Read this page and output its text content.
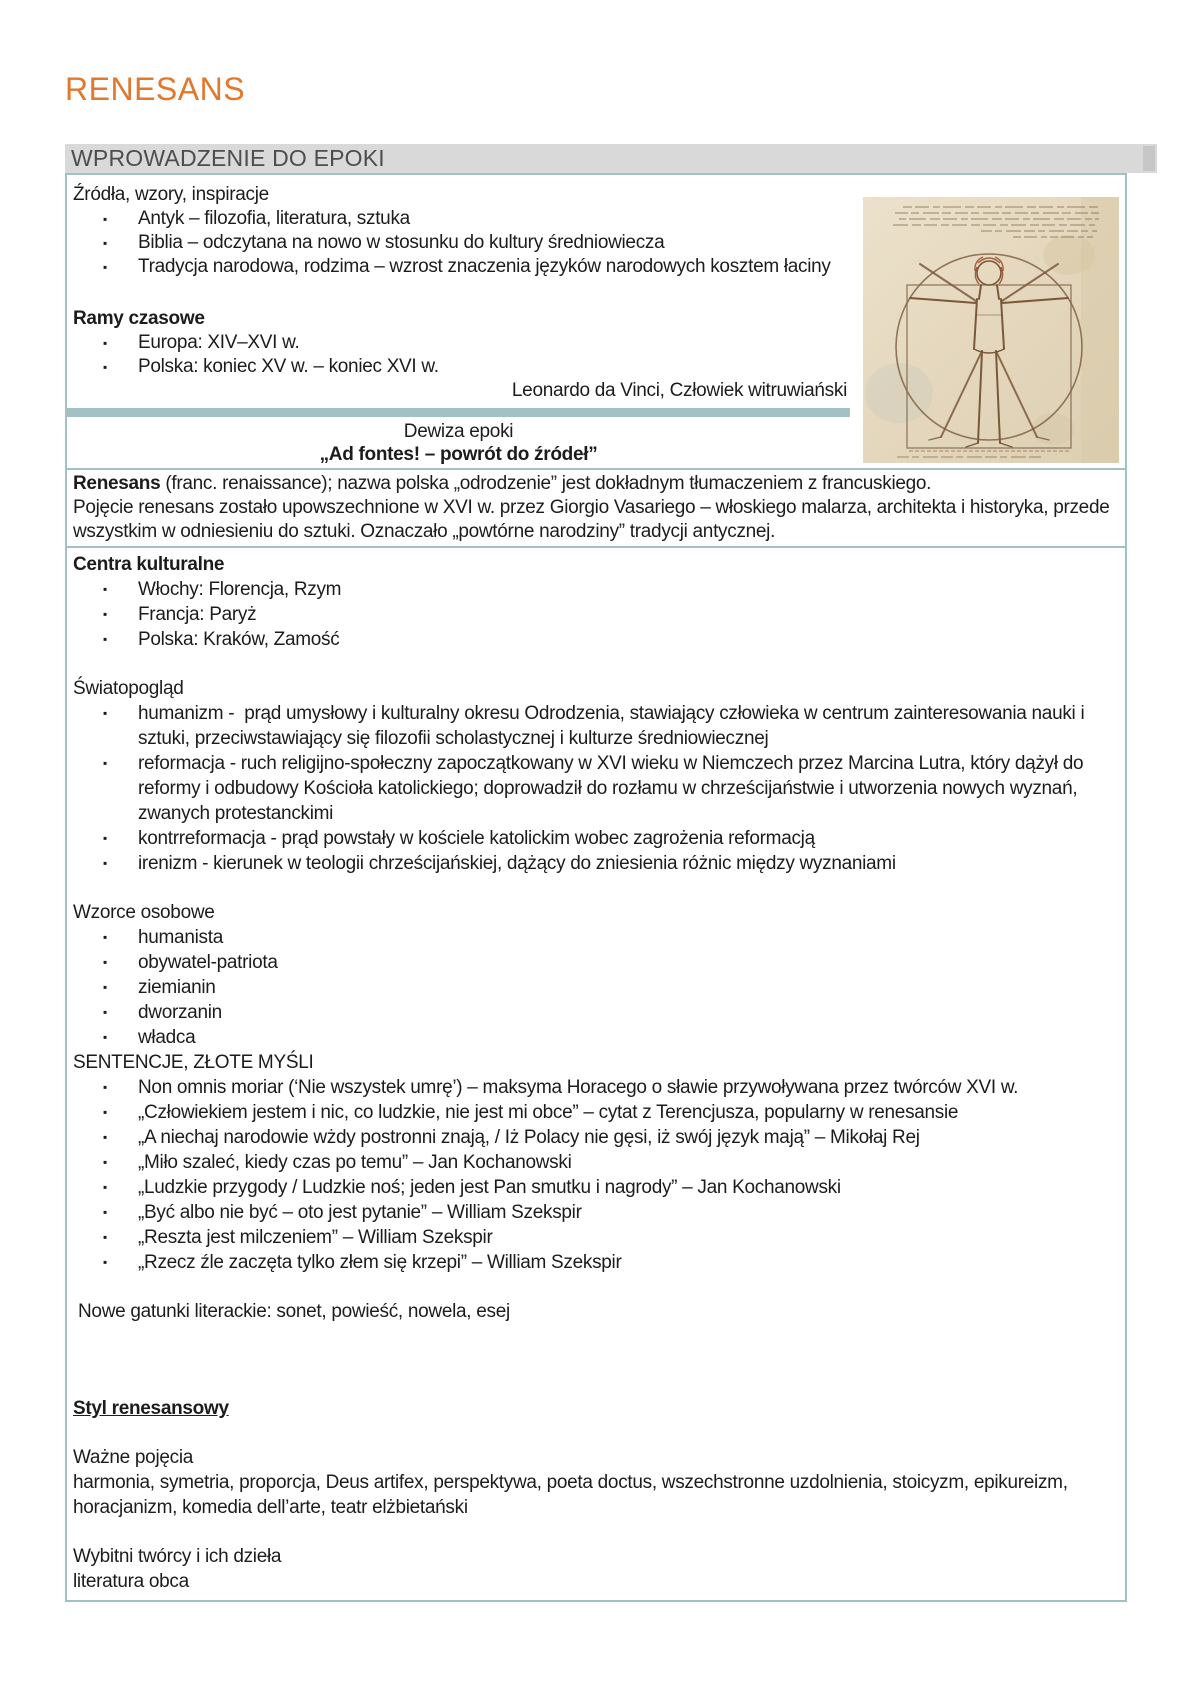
RENESANS
WPROWADZENIE DO EPOKI

Źródła, wzory, inspiracje

▪ Antyk – filozofia, literatura, sztuka
▪ Biblia – odczytana na nowo w stosunku do kultury średniowiecza
▪ Tradycja narodowa, rodzima – wzrost znaczenia języków narodowych kosztem łaciny

Ramy czasowe

▪ Europa: XIV–XVI w.
▪ Polska: koniec XV w. – koniec XVI w.

Leonardo da Vinci, Człowiek witruwiański

Dewiza epoki

„Ad fontes! – powrót do źródeł”

Renesans (franc. renaissance); nazwa polska „odrodzenie” jest dokładnym tłumaczeniem z francuskiego.

Pojęcie renesans zostało upowszechnione w XVI w. przez Giorgio Vasariego – włoskiego malarza, architekta i historyka, przede wszystkim w odniesieniu do sztuki. Oznaczało „powtórne narodziny” tradycji antycznej.

Centra kulturalne

▪ Włochy: Florencja, Rzym
▪ Francja: Paryż
▪ Polska: Kraków, Zamość

Światopogląd

▪ humanizm -  prąd umysłowy i kulturalny okresu Odrodzenia, stawiający człowieka w centrum zainteresowania nauki i sztuki, przeciwstawiający się filozofii scholastycznej i kulturze średniowiecznej
▪ reformacja - ruch religijno-społeczny zapoczątkowany w XVI wieku w Niemczech przez Marcina Lutra, który dążył do reformy i odbudowy Kościoła katolickiego; doprowadził do rozłamu w chrześcijaństwie i utworzenia nowych wyznań, zwanych protestanckimi
▪ kontrreformacja - prąd powstały w kościele katolickim wobec zagrożenia reformacją
▪ irenizm - kierunek w teologii chrześcijańskiej, dążący do zniesienia różnic między wyznaniami

Wzorce osobowe

▪ humanista
▪ obywatel-patriota
▪ ziemianin
▪ dworzanin
▪ władca

SENTENCJE, ZŁOTE MYŚLI

▪ Non omnis moriar (‘Nie wszystek umrę’) – maksyma Horacego o sławie przywoływana przez twórców XVI w.
▪ „Człowiekiem jestem i nic, co ludzkie, nie jest mi obce” – cytat z Terencjusza, popularny w renesansie
▪ „A niechaj narodowie wżdy postronni znają, / Iż Polacy nie gęsi, iż swój język mają” – Mikołaj Rej
▪ „Miło szaleć, kiedy czas po temu” – Jan Kochanowski
▪ „Ludzkie przygody / Ludzkie noś; jeden jest Pan smutku i nagrody” – Jan Kochanowski
▪ „Być albo nie być – oto jest pytanie” – William Szekspir
▪ „Reszta jest milczeniem” – William Szekspir
▪ „Rzecz źle zaczęta tylko złem się krzepi” – William Szekspir

Nowe gatunki literackie: sonet, powieść, nowela, esej

Styl renesansowy

Ważne pojęcia

harmonia, symetria, proporcja, Deus artifex, perspektywa, poeta doctus, wszechstronne uzdolnienia, stoicyzm, epikureizm, horacjanizm, komedia dell’arte, teatr elżbietański

Wybitni twórcy i ich dzieła

literatura obca
